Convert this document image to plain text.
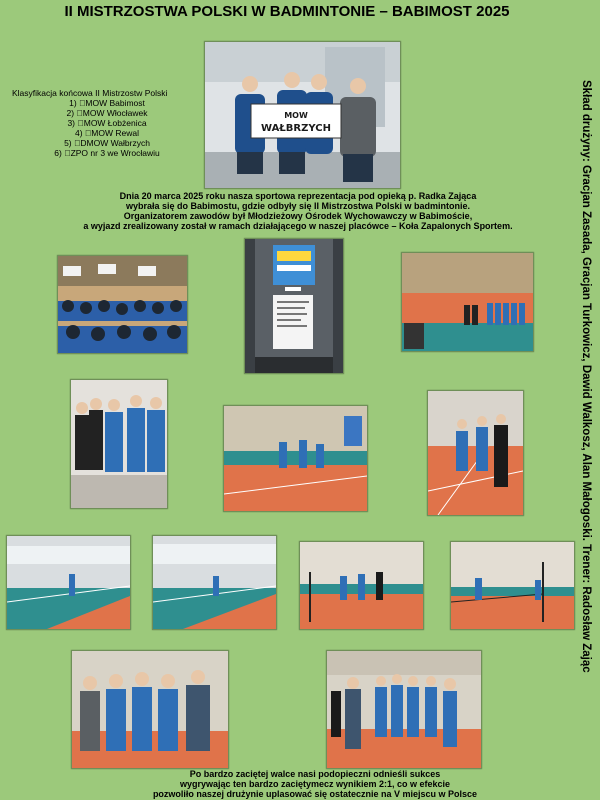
II MISTRZOSTWA POLSKI W BADMINTONIE – BABIMOST 2025
Klasyfikacja końcowa II Mistrzostw Polski
1)  MOW Babimost
2)  MOW Włocławek
3)  MOW Łobżenica
4)  MOW Rewal
5)  DMOW Wałbrzych
6)  ZPO nr 3 we Wrocławiu	Skład drużyny: Gracjan Zasada, Gracjan Turkowicz, Dawid Walkosz, Alan Małogoski. Trener: Radosław Zając
MOW
WAŁBRZYCH
Dnia 20 marca 2025 roku nasza sportowa reprezentacja pod opieką p. Radka Zająca
wybrała się do Babimostu, gdzie odbyły się II Mistrzostwa Polski w badmintonie.
Organizatorem zawodów był Młodzieżowy Ośrodek Wychowawczy w Babimoście,
a wyjazd zrealizowany został w ramach działającego w naszej placówce – Koła Zapalonych Sportem.
Po bardzo zaciętej walce nasi podopieczni odnieśli sukces
wygrywając ten bardzo zaciętymecz wynikiem 2:1, co w efekcie
pozwoliło naszej drużynie uplasować się ostatecznie na V miejscu w Polsce
